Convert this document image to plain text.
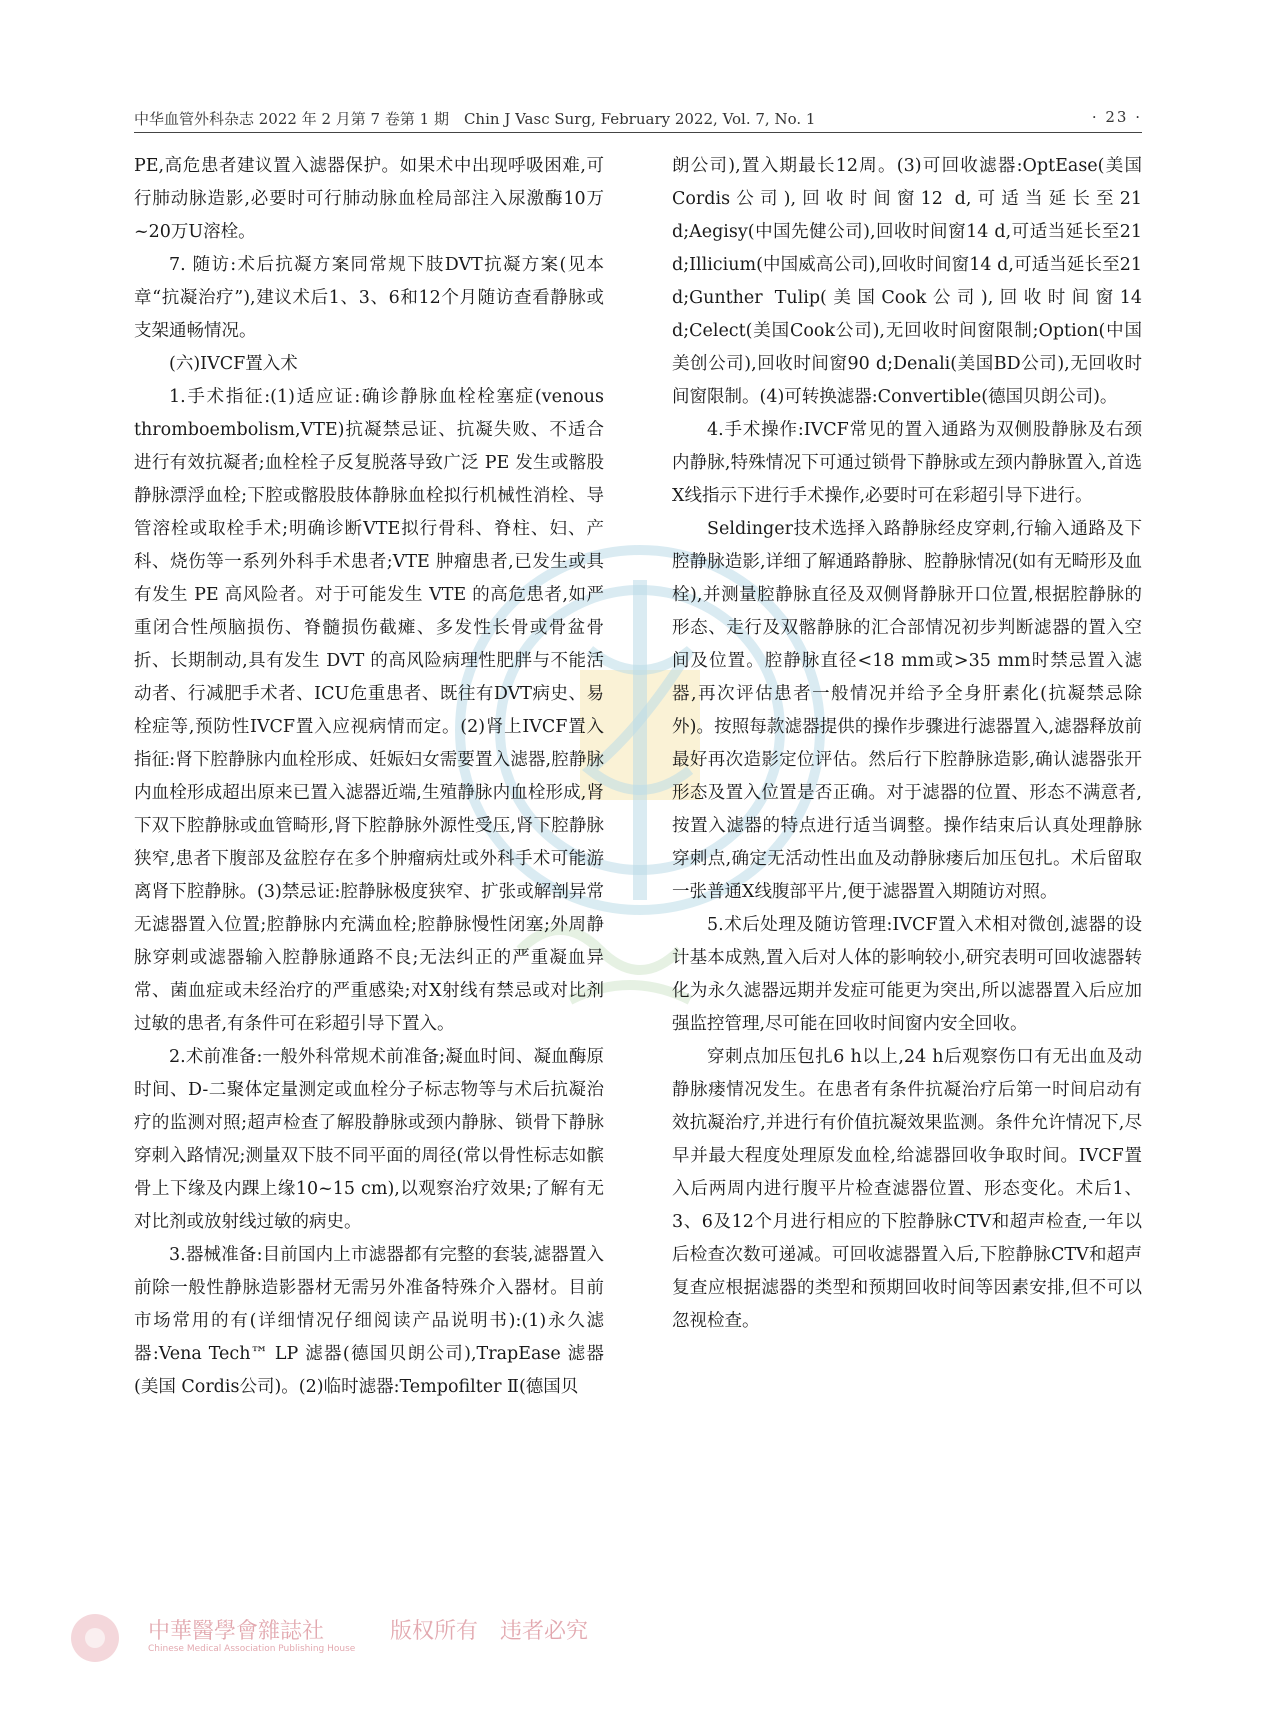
中华血管外科杂志 2022 年 2 月第 7 卷第 1 期　Chin J Vasc Surg, February 2022, Vol. 7, No. 1	· 23 ·

PE,高危患者建议置入滤器保护。如果术中出现呼吸困难,可行肺动脉造影,必要时可行肺动脉血栓局部注入尿激酶10万~20万U溶栓。

7. 随访:术后抗凝方案同常规下肢DVT抗凝方案(见本章“抗凝治疗”),建议术后1、3、6和12个月随访查看静脉或支架通畅情况。

(六)IVCF置入术

1.手术指征:(1)适应证:确诊静脉血栓栓塞症(venous thromboembolism,VTE)抗凝禁忌证、抗凝失败、不适合进行有效抗凝者;血栓栓子反复脱落导致广泛 PE 发生或髂股静脉漂浮血栓;下腔或髂股肢体静脉血栓拟行机械性消栓、导管溶栓或取栓手术;明确诊断VTE拟行骨科、脊柱、妇、产科、烧伤等一系列外科手术患者;VTE 肿瘤患者,已发生或具有发生 PE 高风险者。对于可能发生 VTE 的高危患者,如严重闭合性颅脑损伤、脊髓损伤截瘫、多发性长骨或骨盆骨折、长期制动,具有发生 DVT 的高风险病理性肥胖与不能活动者、行减肥手术者、ICU危重患者、既往有DVT病史、易栓症等,预防性IVCF置入应视病情而定。(2)肾上IVCF置入指征:肾下腔静脉内血栓形成、妊娠妇女需要置入滤器,腔静脉内血栓形成超出原来已置入滤器近端,生殖静脉内血栓形成,肾下双下腔静脉或血管畸形,肾下腔静脉外源性受压,肾下腔静脉狭窄,患者下腹部及盆腔存在多个肿瘤病灶或外科手术可能游离肾下腔静脉。(3)禁忌证:腔静脉极度狭窄、扩张或解剖异常无滤器置入位置;腔静脉内充满血栓;腔静脉慢性闭塞;外周静脉穿刺或滤器输入腔静脉通路不良;无法纠正的严重凝血异常、菌血症或未经治疗的严重感染;对X射线有禁忌或对比剂过敏的患者,有条件可在彩超引导下置入。

2.术前准备:一般外科常规术前准备;凝血时间、凝血酶原时间、D-二聚体定量测定或血栓分子标志物等与术后抗凝治疗的监测对照;超声检查了解股静脉或颈内静脉、锁骨下静脉穿刺入路情况;测量双下肢不同平面的周径(常以骨性标志如髌骨上下缘及内踝上缘10~15 cm),以观察治疗效果;了解有无对比剂或放射线过敏的病史。

3.器械准备:目前国内上市滤器都有完整的套装,滤器置入前除一般性静脉造影器材无需另外准备特殊介入器材。目前市场常用的有(详细情况仔细阅读产品说明书):(1)永久滤器:Vena Tech™ LP 滤器(德国贝朗公司),TrapEase 滤器(美国 Cordis公司)。(2)临时滤器:Tempofilter Ⅱ(德国贝

朗公司),置入期最长12周。(3)可回收滤器:OptEase(美国Cordis公司),回收时间窗12 d,可适当延长至21 d;Aegisy(中国先健公司),回收时间窗14 d,可适当延长至21 d;Illicium(中国威高公司),回收时间窗14 d,可适当延长至21 d;Gunther Tulip(美国Cook公司),回收时间窗14 d;Celect(美国Cook公司),无回收时间窗限制;Option(中国美创公司),回收时间窗90 d;Denali(美国BD公司),无回收时间窗限制。(4)可转换滤器:Convertible(德国贝朗公司)。

4.手术操作:IVCF常见的置入通路为双侧股静脉及右颈内静脉,特殊情况下可通过锁骨下静脉或左颈内静脉置入,首选X线指示下进行手术操作,必要时可在彩超引导下进行。

Seldinger技术选择入路静脉经皮穿刺,行输入通路及下腔静脉造影,详细了解通路静脉、腔静脉情况(如有无畸形及血栓),并测量腔静脉直径及双侧肾静脉开口位置,根据腔静脉的形态、走行及双髂静脉的汇合部情况初步判断滤器的置入空间及位置。腔静脉直径<18 mm或>35 mm时禁忌置入滤器,再次评估患者一般情况并给予全身肝素化(抗凝禁忌除外)。按照每款滤器提供的操作步骤进行滤器置入,滤器释放前最好再次造影定位评估。然后行下腔静脉造影,确认滤器张开形态及置入位置是否正确。对于滤器的位置、形态不满意者,按置入滤器的特点进行适当调整。操作结束后认真处理静脉穿刺点,确定无活动性出血及动静脉瘘后加压包扎。术后留取一张普通X线腹部平片,便于滤器置入期随访对照。

5.术后处理及随访管理:IVCF置入术相对微创,滤器的设计基本成熟,置入后对人体的影响较小,研究表明可回收滤器转化为永久滤器远期并发症可能更为突出,所以滤器置入后应加强监控管理,尽可能在回收时间窗内安全回收。

穿刺点加压包扎6 h以上,24 h后观察伤口有无出血及动静脉瘘情况发生。在患者有条件抗凝治疗后第一时间启动有效抗凝治疗,并进行有价值抗凝效果监测。条件允许情况下,尽早并最大程度处理原发血栓,给滤器回收争取时间。IVCF置入后两周内进行腹平片检查滤器位置、形态变化。术后1、3、6及12个月进行相应的下腔静脉CTV和超声检查,一年以后检查次数可递减。可回收滤器置入后,下腔静脉CTV和超声复查应根据滤器的类型和预期回收时间等因素安排,但不可以忽视检查。

中華醫學會雜誌社
Chinese Medical Association Publishing House
版权所有　违者必究
